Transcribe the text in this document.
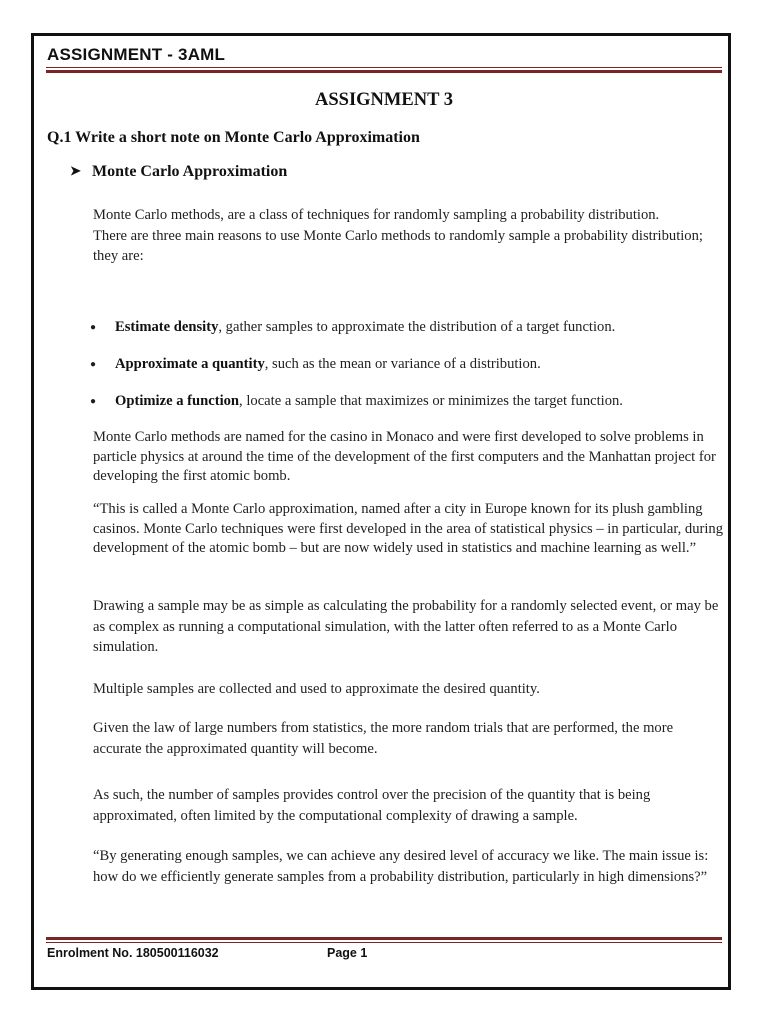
ASSIGNMENT - 3AML
ASSIGNMENT 3
Q.1 Write a short note on Monte Carlo Approximation
➤ Monte Carlo Approximation
Monte Carlo methods, are a class of techniques for randomly sampling a probability distribution.
There are three main reasons to use Monte Carlo methods to randomly sample a probability distribution; they are:
● Estimate density, gather samples to approximate the distribution of a target function.
● Approximate a quantity, such as the mean or variance of a distribution.
● Optimize a function, locate a sample that maximizes or minimizes the target function.
Monte Carlo methods are named for the casino in Monaco and were first developed to solve problems in particle physics at around the time of the development of the first computers and the Manhattan project for developing the first atomic bomb.
“This is called a Monte Carlo approximation, named after a city in Europe known for its plush gambling casinos. Monte Carlo techniques were first developed in the area of statistical physics – in particular, during development of the atomic bomb – but are now widely used in statistics and machine learning as well.”
Drawing a sample may be as simple as calculating the probability for a randomly selected event, or may be as complex as running a computational simulation, with the latter often referred to as a Monte Carlo simulation.
Multiple samples are collected and used to approximate the desired quantity.
Given the law of large numbers from statistics, the more random trials that are performed, the more accurate the approximated quantity will become.
As such, the number of samples provides control over the precision of the quantity that is being approximated, often limited by the computational complexity of drawing a sample.
“By generating enough samples, we can achieve any desired level of accuracy we like. The main issue is: how do we efficiently generate samples from a probability distribution, particularly in high dimensions?”
Enrolment No. 180500116032	Page 1
